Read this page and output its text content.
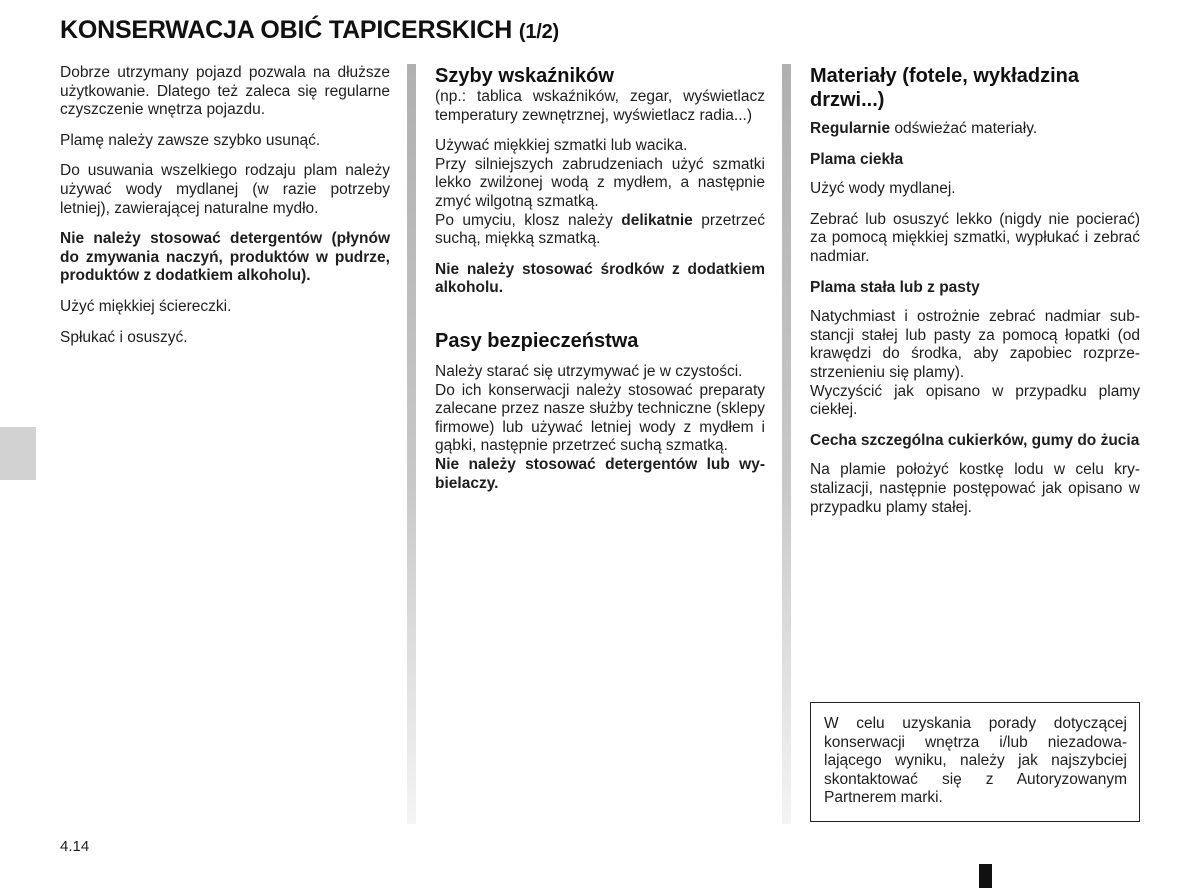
KONSERWACJA OBIĆ TAPICERSKICH (1/2)

Dobrze utrzymany pojazd pozwala na dłuższe użytkowanie. Dlatego też zaleca się regularne czyszczenie wnętrza pojazdu.

Plamę należy zawsze szybko usunąć.

Do usuwania wszelkiego rodzaju plam należy używać wody mydlanej (w razie potrzeby letniej), zawierającej naturalne mydło.

Nie należy stosować detergentów (płynów do zmywania naczyń, produktów w pudrze, produktów z dodatkiem alkoholu).

Użyć miękkiej ściereczki.

Spłukać i osuszyć.

Szyby wskaźników

(np.: tablica wskaźników, zegar, wyświetlacz temperatury zewnętrznej, wyświetlacz radia...)

Używać miękkiej szmatki lub wacika.

Przy silniejszych zabrudzeniach użyć szmatki lekko zwilżonej wodą z mydłem, a następnie zmyć wilgotną szmatką.

Po umyciu, klosz należy delikatnie przetrzeć suchą, miękką szmatką.

Nie należy stosować środków z dodatkiem alkoholu.

Pasy bezpieczeństwa

Należy starać się utrzymywać je w czystości.

Do ich konserwacji należy stosować preparaty zalecane przez nasze służby techniczne (sklepy firmowe) lub używać letniej wody z mydłem i gąbki, następnie przetrzeć suchą szmatką.

Nie należy stosować detergentów lub wybielaczy.

Materiały (fotele, wykładzina drzwi...)

Regularnie odświeżać materiały.

Plama ciekła

Użyć wody mydlanej.

Zebrać lub osuszyć lekko (nigdy nie pocierać) za pomocą miękkiej szmatki, wypłukać i zebrać nadmiar.

Plama stała lub z pasty

Natychmiast i ostrożnie zebrać nadmiar substancji stałej lub pasty za pomocą łopatki (od krawędzi do środka, aby zapobiec rozprzestrzenieniu się plamy).

Wyczyścić jak opisano w przypadku plamy ciekłej.

Cecha szczególna cukierków, gumy do żucia

Na plamie położyć kostkę lodu w celu krystalizacji, następnie postępować jak opisano w przypadku plamy stałej.

W celu uzyskania porady dotyczącej konserwacji wnętrza i/lub niezadowalającego wyniku, należy jak najszybciej skontaktować się z Autoryzowanym Partnerem marki.
4.14
